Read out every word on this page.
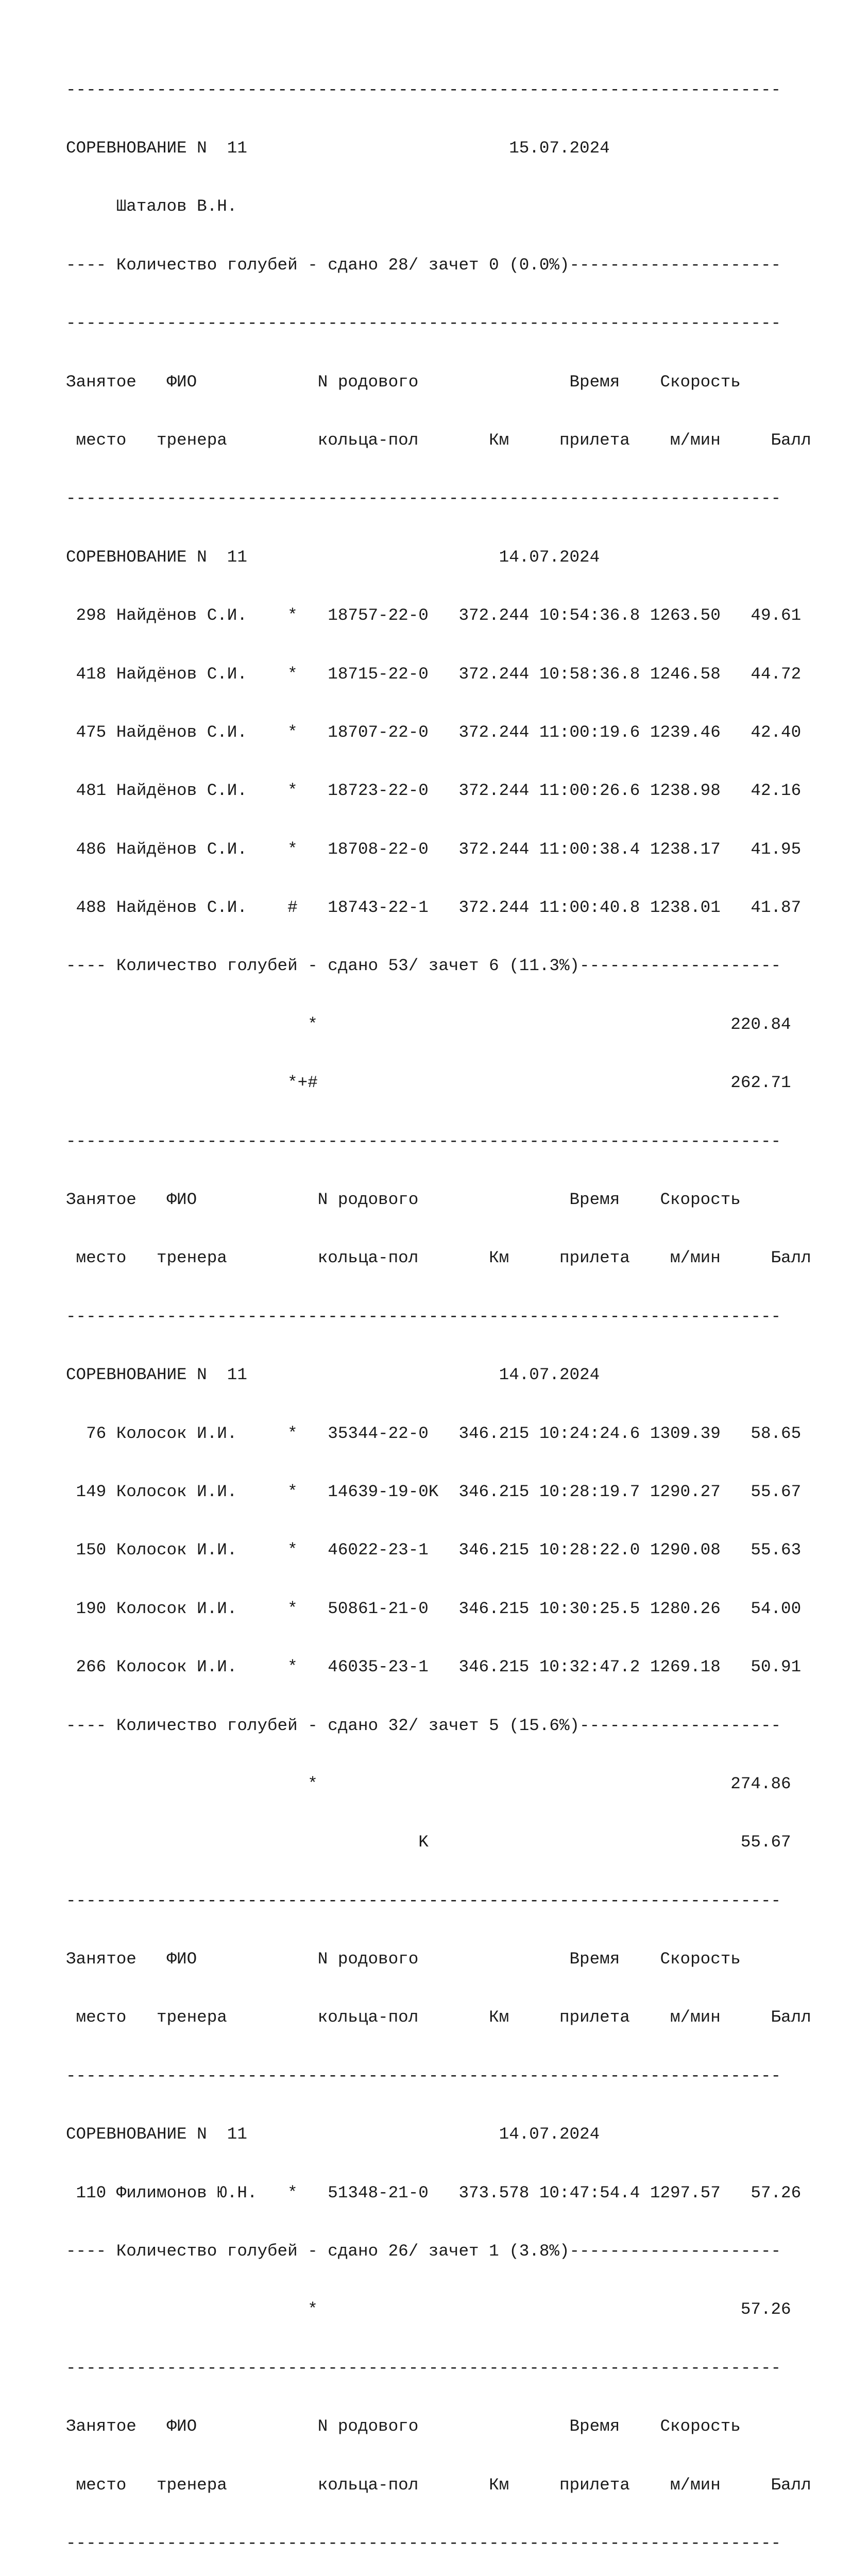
-----------------------------------------------------------------------

СОРЕВНОВАНИЕ N  11                          15.07.2024

Шаталов В.Н.

---- Количество голубей - сдано 28/ зачет 0 (0.0%)---------------------

-----------------------------------------------------------------------

Занятое   ФИО            N родового               Время    Скорость

место   тренера         кольца-пол       Км     прилета    м/мин     Балл

-----------------------------------------------------------------------

СОРЕВНОВАНИЕ N  11                         14.07.2024

298 Найдёнов С.И.    *   18757-22-0   372.244 10:54:36.8 1263.50   49.61

418 Найдёнов С.И.    *   18715-22-0   372.244 10:58:36.8 1246.58   44.72

475 Найдёнов С.И.    *   18707-22-0   372.244 11:00:19.6 1239.46   42.40

481 Найдёнов С.И.    *   18723-22-0   372.244 11:00:26.6 1238.98   42.16

486 Найдёнов С.И.    *   18708-22-0   372.244 11:00:38.4 1238.17   41.95

488 Найдёнов С.И.    #   18743-22-1   372.244 11:00:40.8 1238.01   41.87

---- Количество голубей - сдано 53/ зачет 6 (11.3%)--------------------

*                                         220.84

*+#                                         262.71

-----------------------------------------------------------------------

Занятое   ФИО            N родового               Время    Скорость

место   тренера         кольца-пол       Км     прилета    м/мин     Балл

-----------------------------------------------------------------------

СОРЕВНОВАНИЕ N  11                         14.07.2024

76 Колосок И.И.     *   35344-22-0   346.215 10:24:24.6 1309.39   58.65

149 Колосок И.И.     *   14639-19-0K  346.215 10:28:19.7 1290.27   55.67

150 Колосок И.И.     *   46022-23-1   346.215 10:28:22.0 1290.08   55.63

190 Колосок И.И.     *   50861-21-0   346.215 10:30:25.5 1280.26   54.00

266 Колосок И.И.     *   46035-23-1   346.215 10:32:47.2 1269.18   50.91

---- Количество голубей - сдано 32/ зачет 5 (15.6%)--------------------

*                                         274.86

K                               55.67

-----------------------------------------------------------------------

Занятое   ФИО            N родового               Время    Скорость

место   тренера         кольца-пол       Км     прилета    м/мин     Балл

-----------------------------------------------------------------------

СОРЕВНОВАНИЕ N  11                         14.07.2024

110 Филимонов Ю.Н.   *   51348-21-0   373.578 10:47:54.4 1297.57   57.26

---- Количество голубей - сдано 26/ зачет 1 (3.8%)---------------------

*                                          57.26

-----------------------------------------------------------------------

Занятое   ФИО            N родового               Время    Скорость

место   тренера         кольца-пол       Км     прилета    м/мин     Балл

-----------------------------------------------------------------------
